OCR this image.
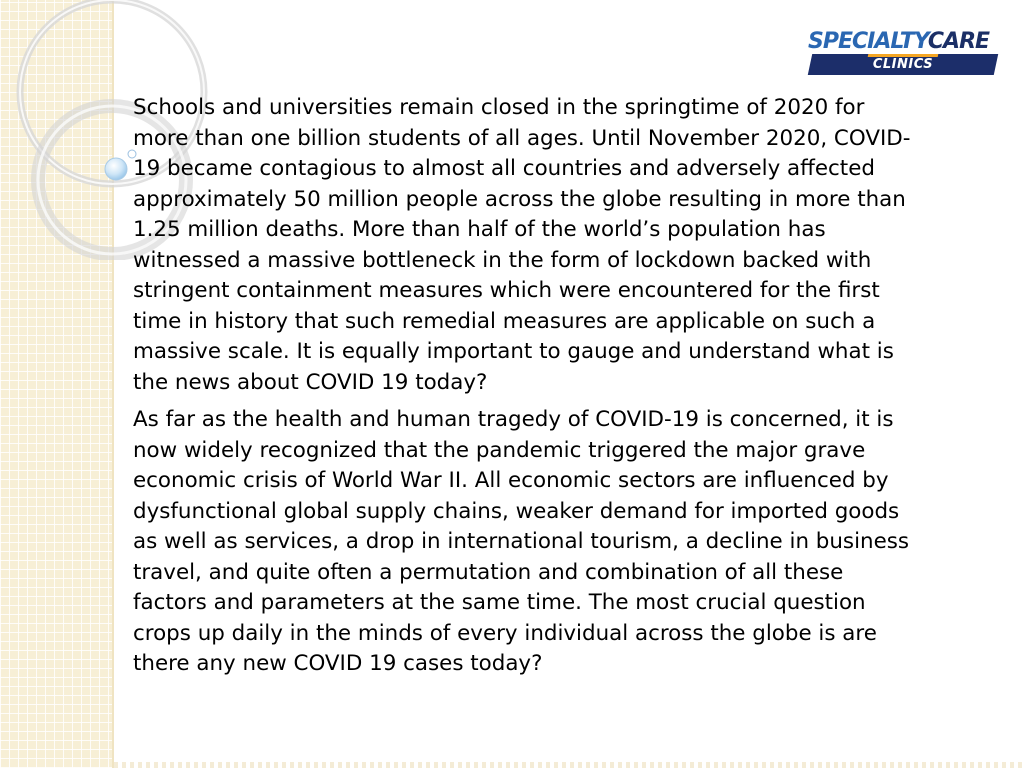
SPECIALTYCARE
CLINICS

Schools and universities remain closed in the springtime of 2020 for more than one billion students of all ages. Until November 2020, COVID-19 became contagious to almost all countries and adversely affected approximately 50 million people across the globe resulting in more than 1.25 million deaths. More than half of the world’s population has witnessed a massive bottleneck in the form of lockdown backed with stringent containment measures which were encountered for the first time in history that such remedial measures are applicable on such a massive scale. It is equally important to gauge and understand what is the news about COVID 19 today?

As far as the health and human tragedy of COVID-19 is concerned, it is now widely recognized that the pandemic triggered the major grave economic crisis of World War II. All economic sectors are influenced by dysfunctional global supply chains, weaker demand for imported goods as well as services, a drop in international tourism, a decline in business travel, and quite often a permutation and combination of all these factors and parameters at the same time. The most crucial question crops up daily in the minds of every individual across the globe is are there any new COVID 19 cases today?
